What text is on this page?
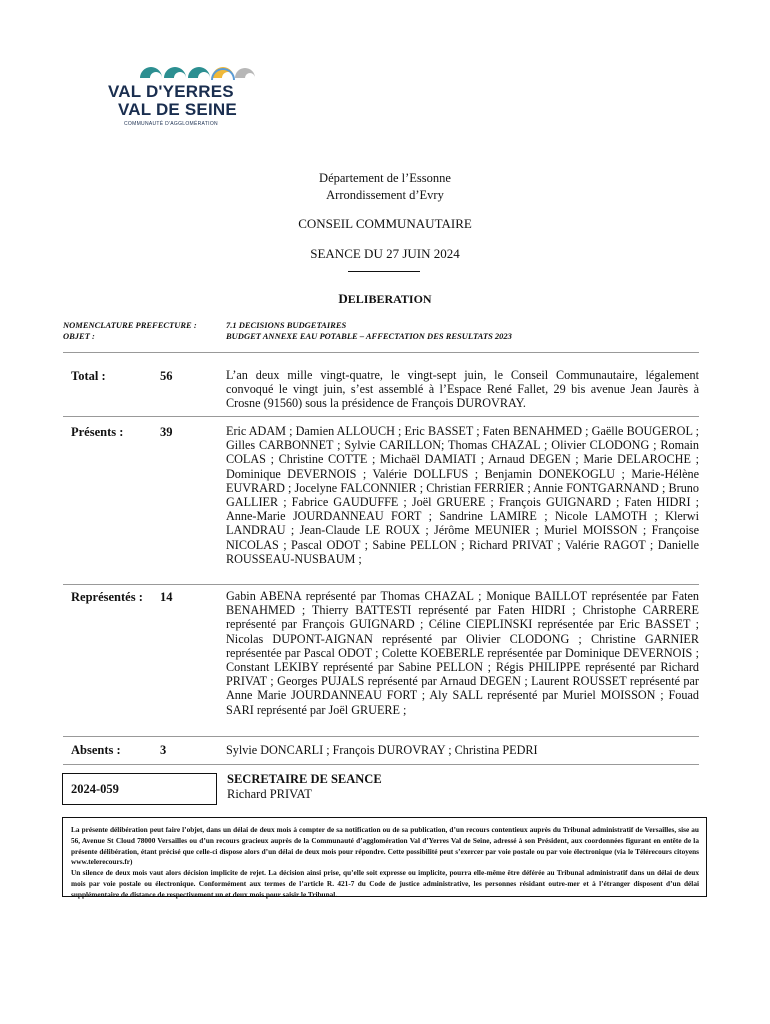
VAL D'YERRES
VAL DE SEINE
COMMUNAUTÉ D'AGGLOMÉRATION
Département de l’Essonne
Arrondissement d’Evry
CONSEIL COMMUNAUTAIRE
SEANCE DU 27 JUIN 2024
DELIBERATION
NOMENCLATURE PREFECTURE :	7.1 DECISIONS BUDGETAIRES
OBJET :	BUDGET ANNEXE EAU POTABLE – AFFECTATION DES RESULTATS 2023
Total :	56	L’an deux mille vingt-quatre, le vingt-sept juin, le Conseil Communautaire, légalement convoqué le vingt juin, s’est assemblé à l’Espace René Fallet, 29 bis avenue Jean Jaurès à Crosne (91560) sous la présidence de François DUROVRAY.
Présents :	39	Eric ADAM ; Damien ALLOUCH ; Eric BASSET ; Faten BENAHMED ; Gaëlle BOUGEROL ; Gilles CARBONNET ; Sylvie CARILLON; Thomas CHAZAL ; Olivier CLODONG ; Romain COLAS ; Christine COTTE ; Michaël DAMIATI ; Arnaud DEGEN ; Marie DELAROCHE ; Dominique DEVERNOIS ; Valérie DOLLFUS ; Benjamin DONEKOGLU ; Marie-Hélène EUVRARD ; Jocelyne FALCONNIER ; Christian FERRIER ; Annie FONTGARNAND ; Bruno GALLIER ; Fabrice GAUDUFFE ; Joël GRUERE ; François GUIGNARD ; Faten HIDRI ; Anne-Marie JOURDANNEAU FORT ; Sandrine LAMIRE ; Nicole LAMOTH ; Klerwi LANDRAU ; Jean-Claude LE ROUX ; Jérôme MEUNIER ; Muriel MOISSON ; Françoise NICOLAS ; Pascal ODOT ; Sabine PELLON ; Richard PRIVAT ; Valérie RAGOT ; Danielle ROUSSEAU-NUSBAUM ;
Représentés : 14	Gabin ABENA représenté par Thomas CHAZAL ; Monique BAILLOT représentée par Faten BENAHMED ; Thierry BATTESTI représenté par Faten HIDRI ; Christophe CARRERE représenté par François GUIGNARD ; Céline CIEPLINSKI représentée par Eric BASSET ; Nicolas DUPONT-AIGNAN représenté par Olivier CLODONG ; Christine GARNIER représentée par Pascal ODOT ; Colette KOEBERLE représentée par Dominique DEVERNOIS ; Constant LEKIBY représenté par Sabine PELLON ; Régis PHILIPPE représenté par Richard PRIVAT ; Georges PUJALS représenté par Arnaud DEGEN ; Laurent ROUSSET représenté par Anne Marie JOURDANNEAU FORT ; Aly SALL représenté par Muriel MOISSON ; Fouad SARI représenté par Joël GRUERE ;
Absents :	3	Sylvie DONCARLI ; François DUROVRAY ; Christina PEDRI
2024-059
SECRETAIRE DE SEANCE
Richard PRIVAT

La présente délibération peut faire l’objet, dans un délai de deux mois à compter de sa notification ou de sa publication, d’un recours contentieux auprès du Tribunal administratif de Versailles, sise au 56, Avenue St Cloud 78000 Versailles ou d’un recours gracieux auprès de la Communauté d’agglomération Val d’Yerres Val de Seine, adressé à son Président, aux coordonnées figurant en entête de la présente délibération, étant précisé que celle-ci dispose alors d’un délai de deux mois pour répondre. Cette possibilité peut s’exercer par voie postale ou par voie électronique (via le Télérecours citoyens www.telerecours.fr)

Un silence de deux mois vaut alors décision implicite de rejet. La décision ainsi prise, qu’elle soit expresse ou implicite, pourra elle-même être déférée au Tribunal administratif dans un délai de deux mois par voie postale ou électronique. Conformément aux termes de l’article R. 421-7 du Code de justice administrative, les personnes résidant outre-mer et à l’étranger disposent d’un délai supplémentaire de distance de respectivement un et deux mois pour saisir le Tribunal.
